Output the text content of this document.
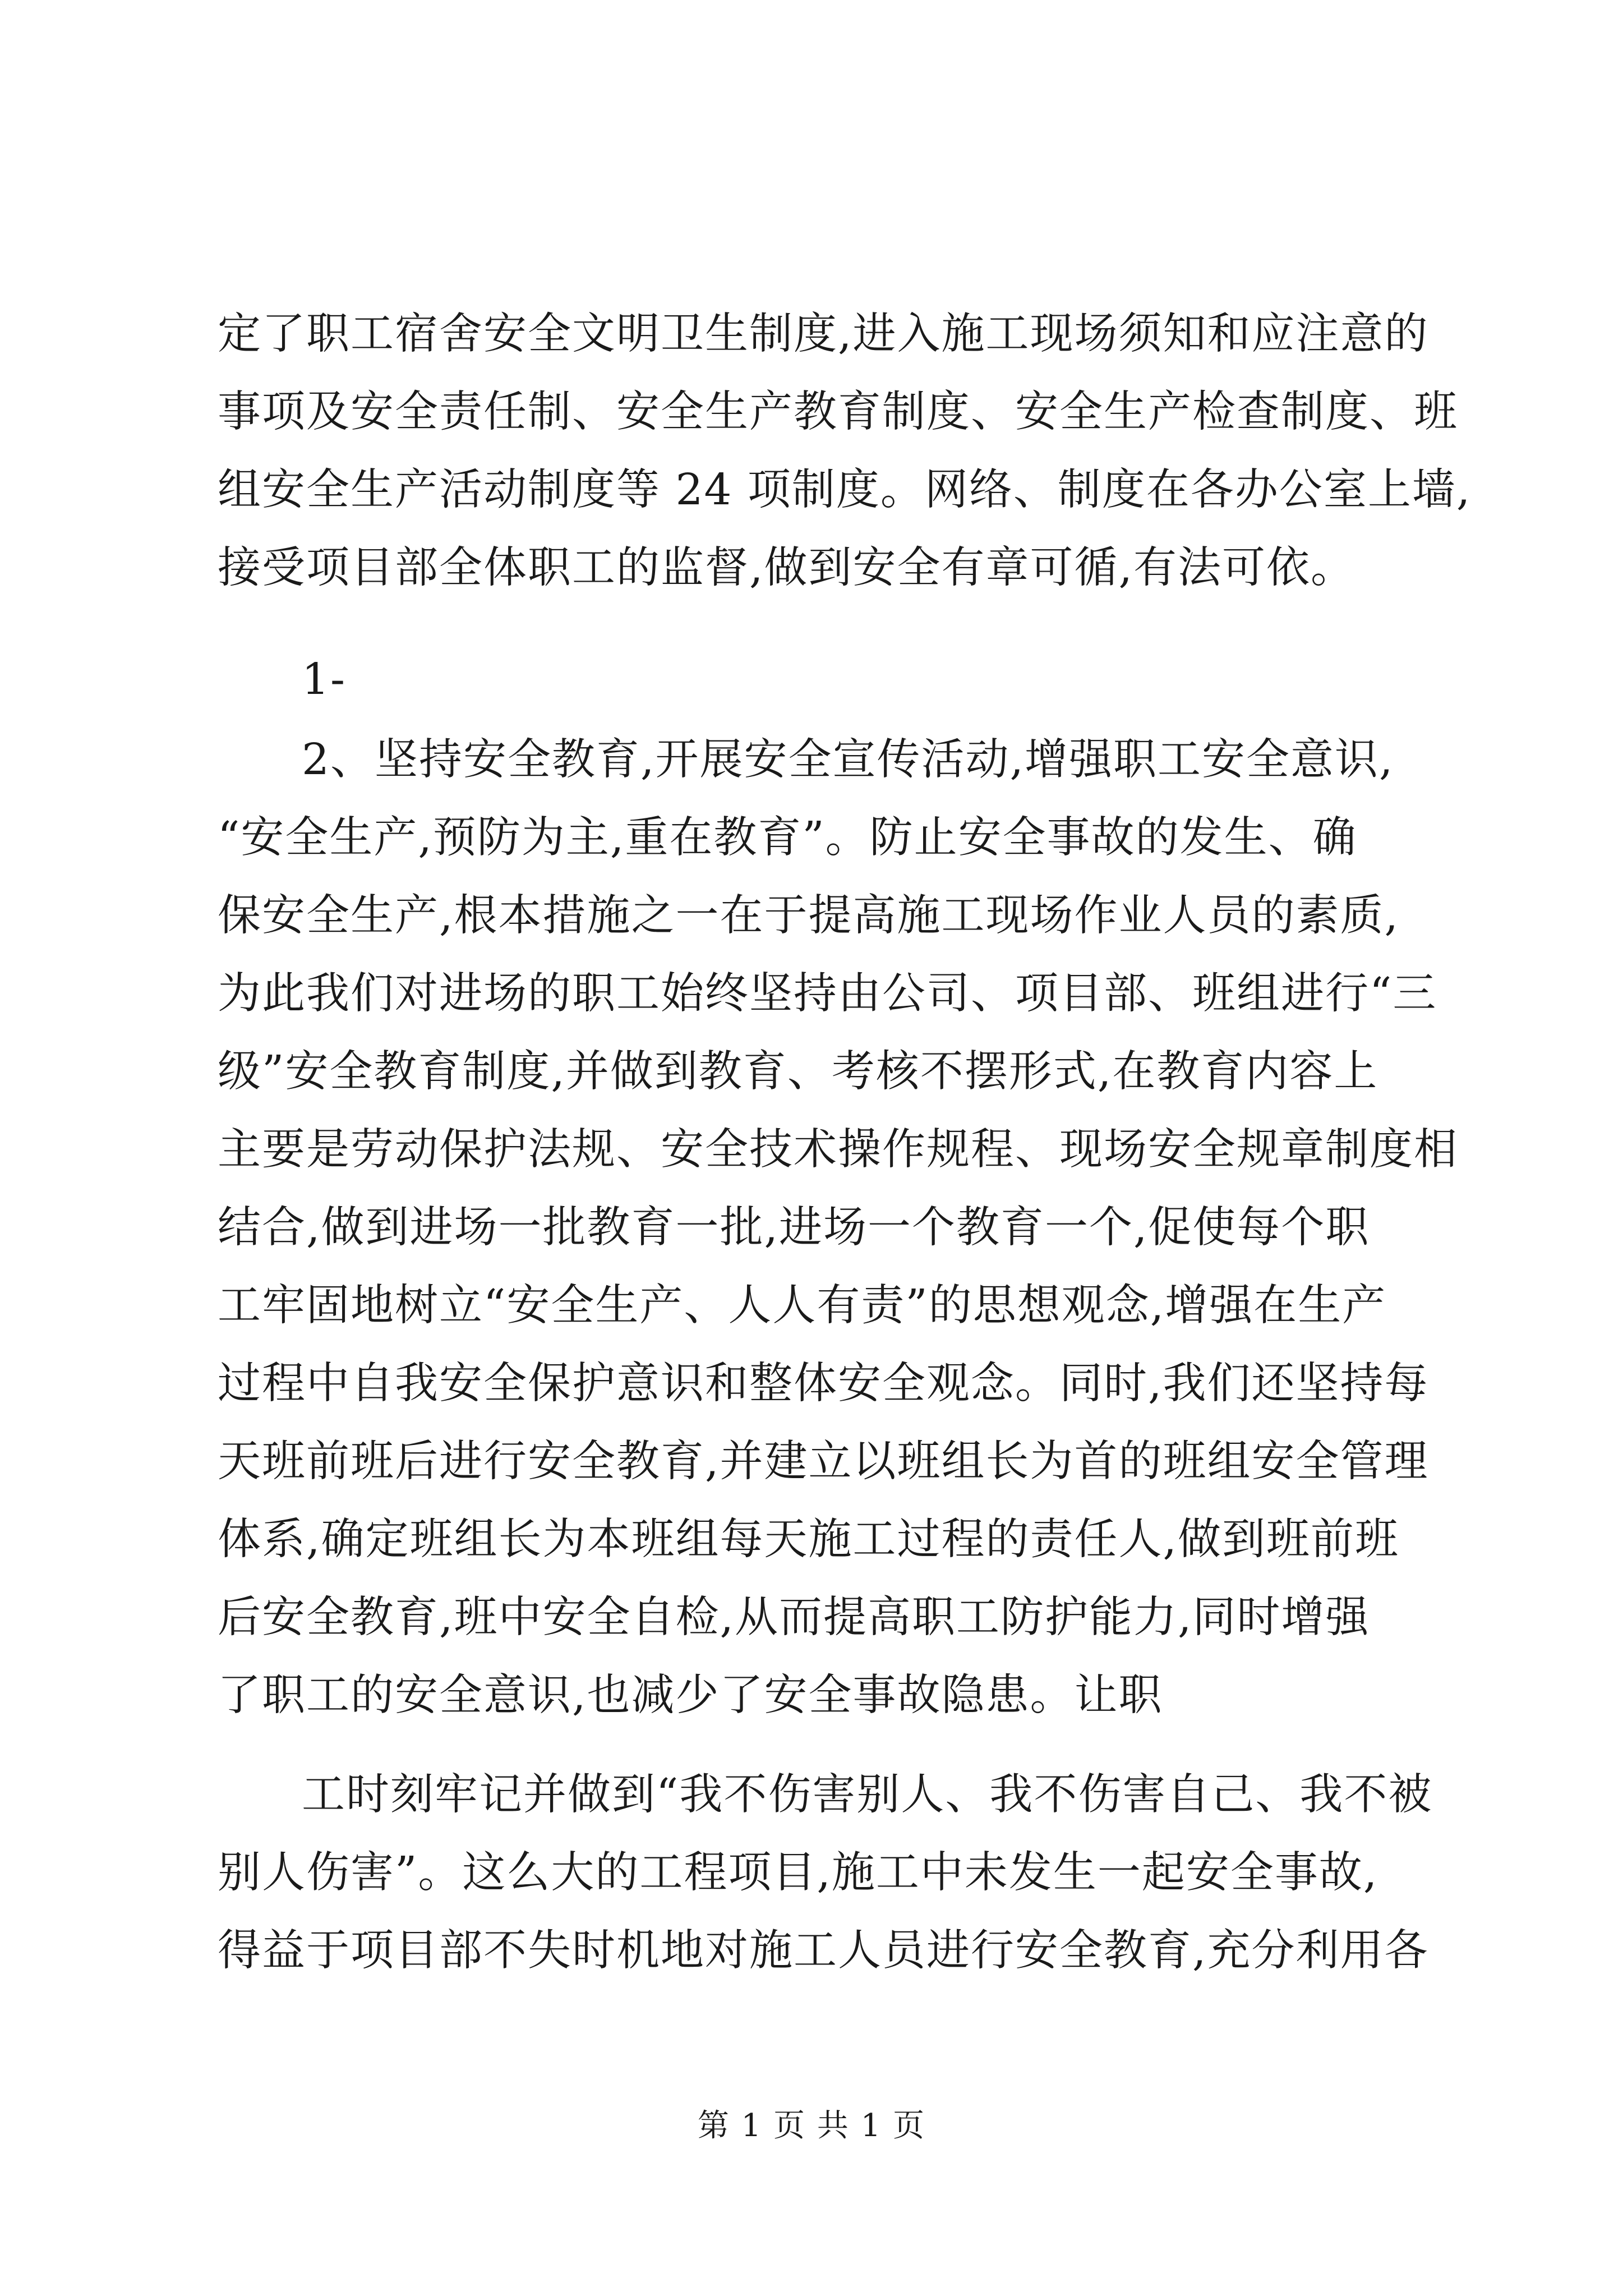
定了职工宿舍安全文明卫生制度,进入施工现场须知和应注意的
事项及安全责任制、安全生产教育制度、安全生产检查制度、班
组安全生产活动制度等 24 项制度。网络、制度在各办公室上墙,
接受项目部全体职工的监督,做到安全有章可循,有法可依。
1-
2、坚持安全教育,开展安全宣传活动,增强职工安全意识,
“安全生产,预防为主,重在教育”。防止安全事故的发生、确
保安全生产,根本措施之一在于提高施工现场作业人员的素质,
为此我们对进场的职工始终坚持由公司、项目部、班组进行“三
级”安全教育制度,并做到教育、考核不摆形式,在教育内容上
主要是劳动保护法规、安全技术操作规程、现场安全规章制度相
结合,做到进场一批教育一批,进场一个教育一个,促使每个职
工牢固地树立“安全生产、人人有责”的思想观念,增强在生产
过程中自我安全保护意识和整体安全观念。同时,我们还坚持每
天班前班后进行安全教育,并建立以班组长为首的班组安全管理
体系,确定班组长为本班组每天施工过程的责任人,做到班前班
后安全教育,班中安全自检,从而提高职工防护能力,同时增强
了职工的安全意识,也减少了安全事故隐患。让职
工时刻牢记并做到“我不伤害别人、我不伤害自己、我不被
别人伤害”。这么大的工程项目,施工中未发生一起安全事故,
得益于项目部不失时机地对施工人员进行安全教育,充分利用各
第 1 页 共 1 页
